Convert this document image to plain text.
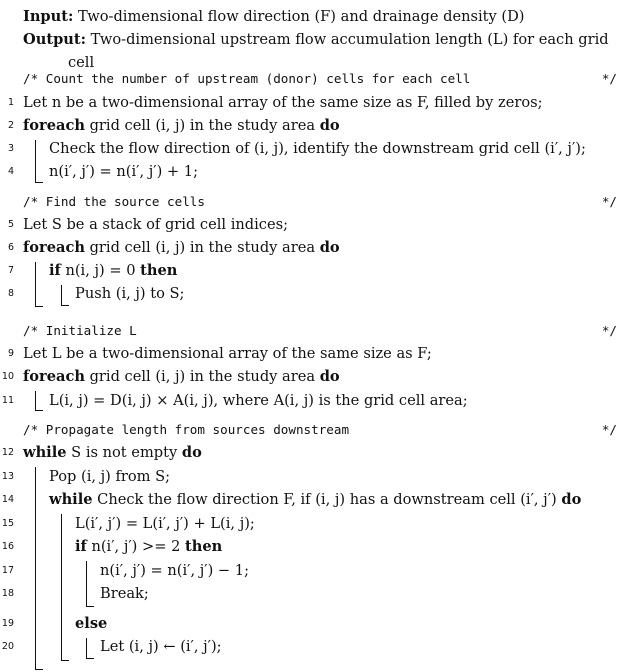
Input: Two-dimensional flow direction (F) and drainage density (D)
Output: Two-dimensional upstream flow accumulation length (L) for each grid
cell
/* Count the number of upstream (donor) cells for each cell	*/
1 Let n be a two-dimensional array of the same size as F, filled by zeros;
2 foreach grid cell (i, j) in the study area do
3 Check the flow direction of (i, j), identify the downstream grid cell (i′, j′);
4 n(i′, j′) = n(i′, j′) + 1;
/* Find the source cells	*/
5 Let S be a stack of grid cell indices;
6 foreach grid cell (i, j) in the study area do
7 if n(i, j) = 0 then
8	Push (i, j) to S;
/* Initialize L	*/
9 Let L be a two-dimensional array of the same size as F;
10 foreach grid cell (i, j) in the study area do
11 L(i, j) = D(i, j) × A(i, j), where A(i, j) is the grid cell area;
/* Propagate length from sources downstream	*/
12 while S is not empty do
13 Pop (i, j) from S;
14 while Check the flow direction F, if (i, j) has a downstream cell (i′, j′) do
15	L(i′, j′) = L(i′, j′) + L(i, j);
16	if n(i′, j′) >= 2 then
17	n(i′, j′) = n(i′, j′) − 1;
18	Break;
19	else
20	Let (i, j) ← (i′, j′);
